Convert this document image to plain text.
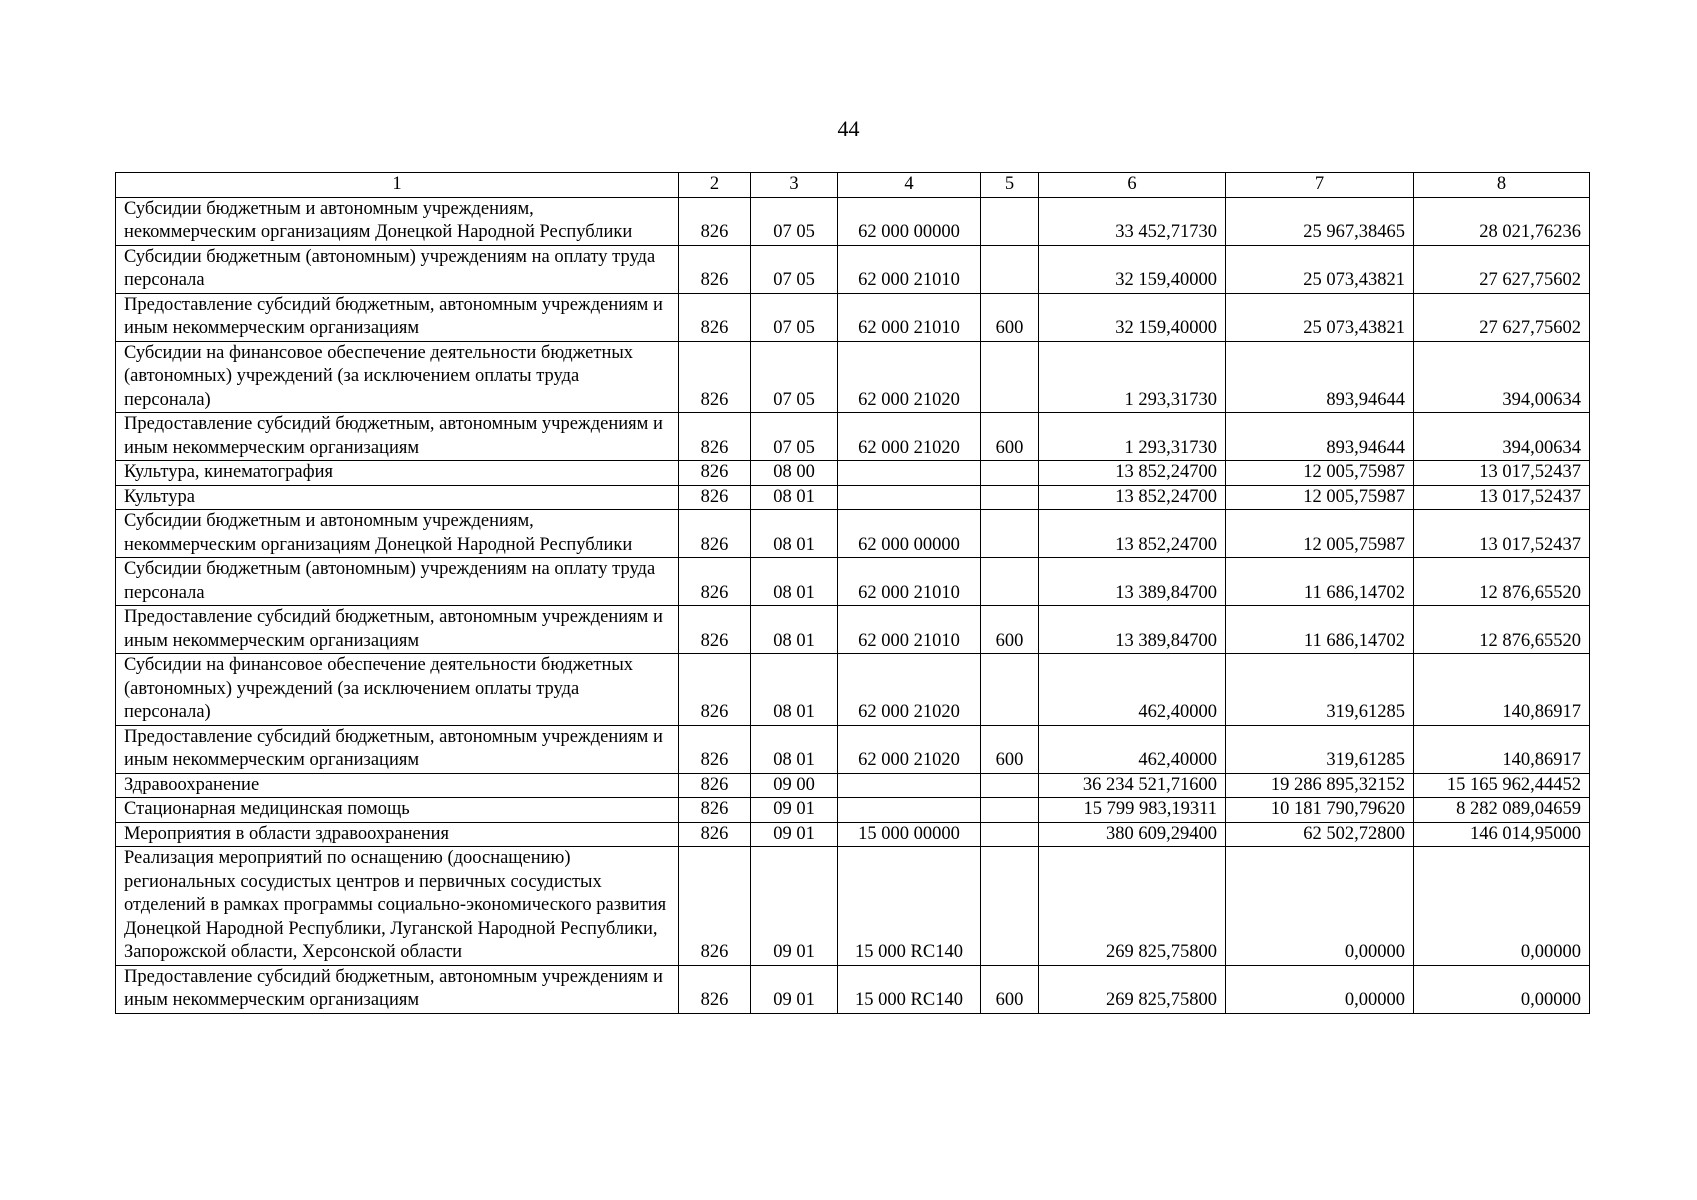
44
1	2	3	4	5	6	7	8
Субсидии бюджетным и автономным учреждениям, некоммерческим организациям Донецкой Народной Республики	826	07 05	62 000 00000		33 452,71730	25 967,38465	28 021,76236
Субсидии бюджетным (автономным) учреждениям на оплату труда персонала	826	07 05	62 000 21010		32 159,40000	25 073,43821	27 627,75602
Предоставление субсидий бюджетным, автономным учреждениям и иным некоммерческим организациям	826	07 05	62 000 21010	600	32 159,40000	25 073,43821	27 627,75602
Субсидии на финансовое обеспечение деятельности бюджетных (автономных) учреждений (за исключением оплаты труда персонала)	826	07 05	62 000 21020		1 293,31730	893,94644	394,00634
Предоставление субсидий бюджетным, автономным учреждениям и иным некоммерческим организациям	826	07 05	62 000 21020	600	1 293,31730	893,94644	394,00634
Культура, кинематография	826	08 00			13 852,24700	12 005,75987	13 017,52437
Культура	826	08 01			13 852,24700	12 005,75987	13 017,52437
Субсидии бюджетным и автономным учреждениям, некоммерческим организациям Донецкой Народной Республики	826	08 01	62 000 00000		13 852,24700	12 005,75987	13 017,52437
Субсидии бюджетным (автономным) учреждениям на оплату труда персонала	826	08 01	62 000 21010		13 389,84700	11 686,14702	12 876,65520
Предоставление субсидий бюджетным, автономным учреждениям и иным некоммерческим организациям	826	08 01	62 000 21010	600	13 389,84700	11 686,14702	12 876,65520
Субсидии на финансовое обеспечение деятельности бюджетных (автономных) учреждений (за исключением оплаты труда персонала)	826	08 01	62 000 21020		462,40000	319,61285	140,86917
Предоставление субсидий бюджетным, автономным учреждениям и иным некоммерческим организациям	826	08 01	62 000 21020	600	462,40000	319,61285	140,86917
Здравоохранение	826	09 00			36 234 521,71600	19 286 895,32152	15 165 962,44452
Стационарная медицинская помощь	826	09 01			15 799 983,19311	10 181 790,79620	8 282 089,04659
Мероприятия в области здравоохранения	826	09 01	15 000 00000		380 609,29400	62 502,72800	146 014,95000
Реализация мероприятий по оснащению (дооснащению) региональных сосудистых центров и первичных сосудистых отделений в рамках программы социально-экономического развития Донецкой Народной Республики, Луганской Народной Республики, Запорожской области, Херсонской области	826	09 01	15 000 RC140		269 825,75800	0,00000	0,00000
Предоставление субсидий бюджетным, автономным учреждениям и иным некоммерческим организациям	826	09 01	15 000 RC140	600	269 825,75800	0,00000	0,00000
